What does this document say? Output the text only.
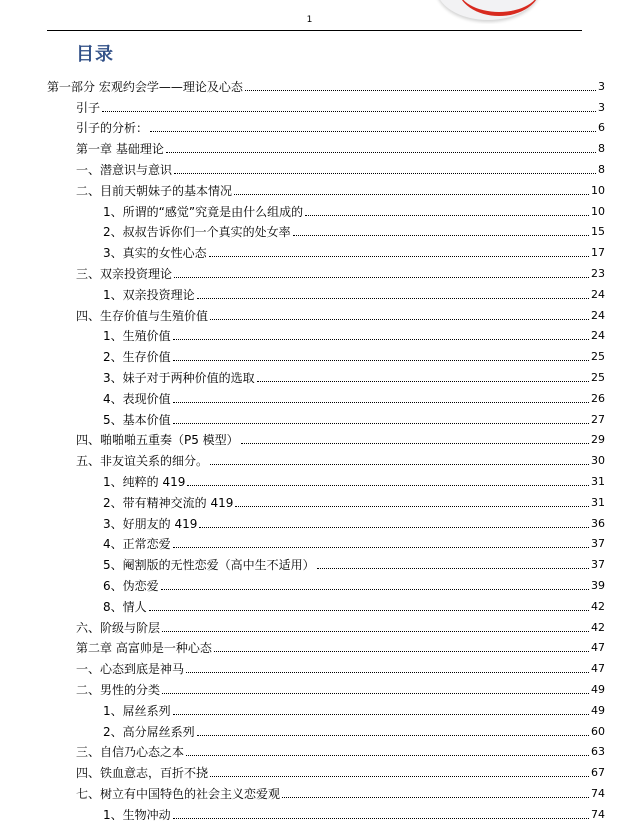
1
目录
第一部分 宏观约会学——理论及心态	3
引子	3
引子的分析：	6
第一章 基础理论	8
一、潜意识与意识	8
二、目前天朝妹子的基本情况	10
1、所谓的“感觉”究竟是由什么组成的	10
2、叔叔告诉你们一个真实的处女率	15
3、真实的女性心态	17
三、双亲投资理论	23
1、双亲投资理论	24
四、生存价值与生殖价值	24
1、生殖价值	24
2、生存价值	25
3、妹子对于两种价值的选取	25
4、表现价值	26
5、基本价值	27
四、啪啪啪五重奏（P5 模型）	29
五、非友谊关系的细分。	30
1、纯粹的 419	31
2、带有精神交流的 419	31
3、好朋友的 419	36
4、正常恋爱	37
5、阉割版的无性恋爱（高中生不适用）	37
6、伪恋爱	39
8、情人	42
六、阶级与阶层	42
第二章 高富帅是一种心态	47
一、心态到底是神马	47
二、男性的分类	49
1、屌丝系列	49
2、高分屌丝系列	60
三、自信乃心态之本	63
四、铁血意志，百折不挠	67
七、树立有中国特色的社会主义恋爱观	74
1、生物冲动	74
